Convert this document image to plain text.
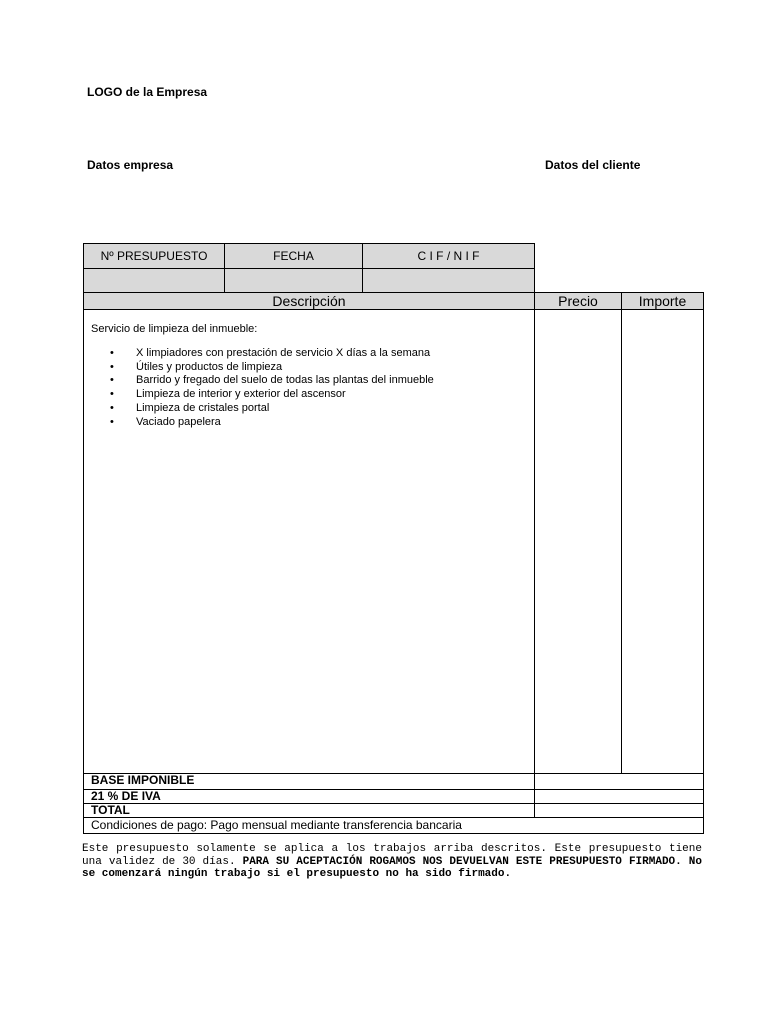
LOGO de la Empresa
Datos empresa	Datos del cliente
Nº PRESUPUESTO	FECHA	C I F / N I F
Descripción	Precio	Importe
BASE IMPONIBLE
21 % DE IVA
TOTAL
Condiciones de pago: Pago mensual mediante transferencia bancaria
Servicio de limpieza del inmueble:
•	X limpiadores con prestación de servicio X días a la semana
•	Útiles y productos de limpieza
•	Barrido y fregado del suelo de todas las plantas del inmueble
•	Limpieza de interior y exterior del ascensor
•	Limpieza de cristales portal
•	Vaciado papelera
Este presupuesto solamente se aplica a los trabajos arriba descritos. Este presupuesto tiene una validez de 30 días. PARA SU ACEPTACIÓN ROGAMOS NOS DEVUELVAN ESTE PRESUPUESTO FIRMADO. No se comenzará ningún trabajo si el presupuesto no ha sido firmado.
